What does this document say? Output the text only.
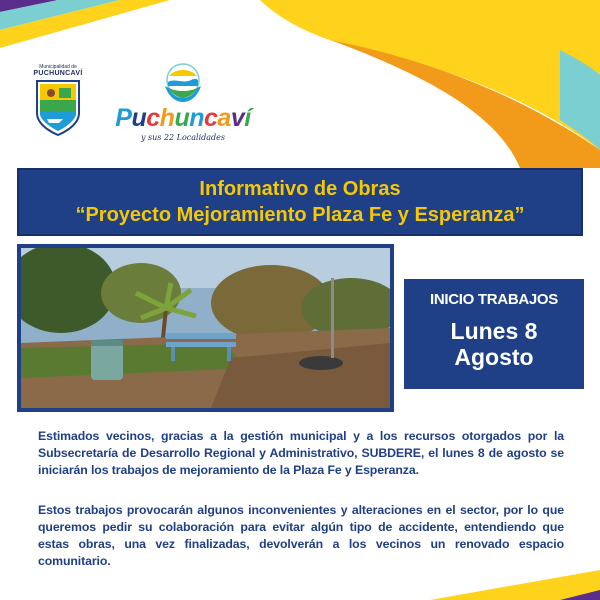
Municipalidad de
PUCHUNCAVÍ
Puchuncaví
y sus 22 Localidades
Informativo de Obras
“Proyecto Mejoramiento Plaza Fe y Esperanza”
INICIO TRABAJOS
Lunes 8
Agosto
Estimados vecinos, gracias a la gestión municipal y a los recursos otorgados por la Subsecretaría de Desarrollo Regional y Administrativo, SUBDERE, el lunes 8 de agosto se iniciarán los trabajos de mejoramiento de la Plaza Fe y Esperanza.
Estos trabajos provocarán algunos inconvenientes y alteraciones en el sector, por lo que queremos pedir su colaboración para evitar algún tipo de accidente, entendiendo que estas obras, una vez finalizadas, devolverán a los vecinos un renovado espacio comunitario.
